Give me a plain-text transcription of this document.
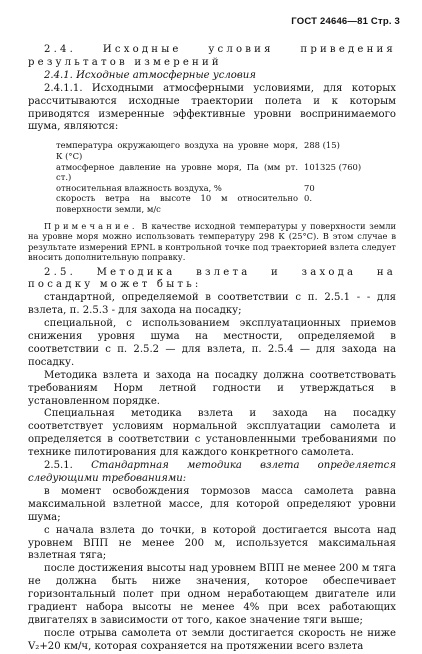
ГОСТ 24646—81 Стр. 3

2.4. Исходные условия приведения результатов измерений

2.4.1. Исходные атмосферные условия

2.4.1.1. Исходными атмосферными условиями, для которых рассчитываются исходные траектории полета и к которым приводятся измеренные эффективные уровни воспринимаемого шума, являются:

температура окружающего воздуха на уровне моря, К (°С)
288 (15)
атмосферное давление на уровне моря, Па (мм рт. ст.)
101325 (760)
относительная влажность воздуха, %	70
скорость ветра на высоте 10 м относительно поверхности земли, м/с
0.

Примечание. В качестве исходной температуры у поверхности земли на уровне моря можно использовать температуру 298 К (25°С). В этом случае в результате измерений EPNL в контрольной точке под траекторией взлета следует вносить дополнительную поправку.

2.5. Методика взлета и захода на посадку может быть:

стандартной, определяемой в соответствии с п. 2.5.1 - - для взлета, п. 2.5.3 - для захода на посадку;

специальной, с использованием эксплуатационных приемов снижения уровня шума на местности, определяемой в соответствии с п. 2.5.2 — для взлета, п. 2.5.4 — для захода на посадку.

Методика взлета и захода на посадку должна соответствовать требованиям Норм летной годности и утверждаться в установленном порядке.

Специальная методика взлета и захода на посадку соответствует условиям нормальной эксплуатации самолета и определяется в соответствии с установленными требованиями по технике пилотирования для каждого конкретного самолета.

2.5.1. Стандартная методика взлета определяется следующими требованиями:

в момент освобождения тормозов масса самолета равна максимальной взлетной массе, для которой определяют уровни шума;

с начала взлета до точки, в которой достигается высота над уровнем ВПП не менее 200 м, используется максимальная взлетная тяга;

после достижения высоты над уровнем ВПП не менее 200 м тяга не должна быть ниже значения, которое обеспечивает горизонтальный полет при одном неработающем двигателе или градиент набора высоты не менее 4% при всех работающих двигателях в зависимости от того, какое значение тяги выше;

после отрыва самолета от земли достигается скорость не ниже V₂+20 км/ч, которая сохраняется на протяжении всего взлета
